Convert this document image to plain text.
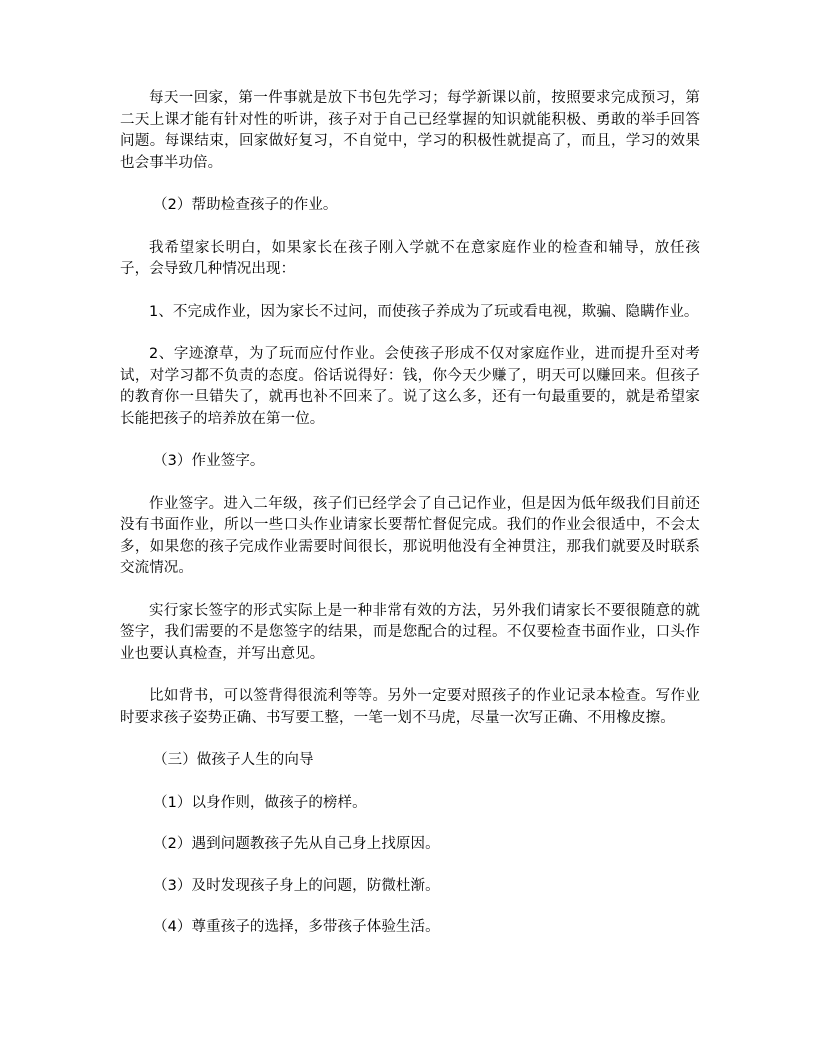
每天一回家，第一件事就是放下书包先学习；每学新课以前，按照要求完成预习，第二天上课才能有针对性的听讲，孩子对于自己已经掌握的知识就能积极、勇敢的举手回答问题。每课结束，回家做好复习，不自觉中，学习的积极性就提高了，而且，学习的效果也会事半功倍。

（2）帮助检查孩子的作业。

我希望家长明白，如果家长在孩子刚入学就不在意家庭作业的检查和辅导，放任孩子，会导致几种情况出现：

1、不完成作业，因为家长不过问，而使孩子养成为了玩或看电视，欺骗、隐瞒作业。

2、字迹潦草，为了玩而应付作业。会使孩子形成不仅对家庭作业，进而提升至对考试，对学习都不负责的态度。俗话说得好：钱，你今天少赚了，明天可以赚回来。但孩子的教育你一旦错失了，就再也补不回来了。说了这么多，还有一句最重要的，就是希望家长能把孩子的培养放在第一位。

（3）作业签字。

作业签字。进入二年级，孩子们已经学会了自己记作业，但是因为低年级我们目前还没有书面作业，所以一些口头作业请家长要帮忙督促完成。我们的作业会很适中，不会太多，如果您的孩子完成作业需要时间很长，那说明他没有全神贯注，那我们就要及时联系交流情况。

实行家长签字的形式实际上是一种非常有效的方法，另外我们请家长不要很随意的就签字，我们需要的不是您签字的结果，而是您配合的过程。不仅要检查书面作业，口头作业也要认真检查，并写出意见。

比如背书，可以签背得很流利等等。另外一定要对照孩子的作业记录本检查。写作业时要求孩子姿势正确、书写要工整，一笔一划不马虎，尽量一次写正确、不用橡皮擦。

（三）做孩子人生的向导

（1）以身作则，做孩子的榜样。

（2）遇到问题教孩子先从自己身上找原因。

（3）及时发现孩子身上的问题，防微杜渐。

（4）尊重孩子的选择，多带孩子体验生活。
